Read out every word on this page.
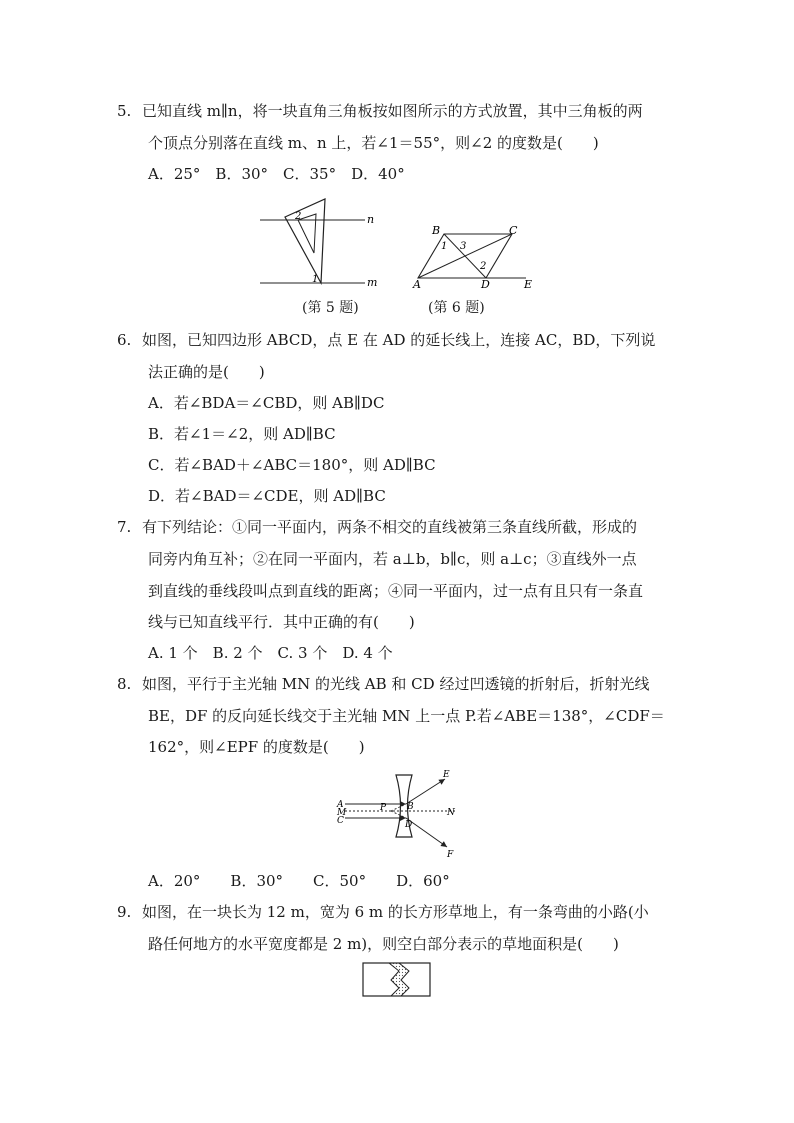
5. 已知直线 m∥n，将一块直角三角板按如图所示的方式放置，其中三角板的两
个顶点分别落在直线 m、n 上，若∠1＝55°，则∠2 的度数是(　　)
A．25°　B．30°　C．35°　D．40°
2
1
n
m
(第 5 题)
B	C
A	D	E
1 3
2
(第 6 题)
6. 如图，已知四边形 ABCD，点 E 在 AD 的延长线上，连接 AC，BD，下列说
法正确的是(　　)
A．若∠BDA＝∠CBD，则 AB∥DC
B．若∠1＝∠2，则 AD∥BC
C．若∠BAD＋∠ABC＝180°，则 AD∥BC
D．若∠BAD＝∠CDE，则 AD∥BC
7. 有下列结论：①同一平面内，两条不相交的直线被第三条直线所截，形成的
同旁内角互补；②在同一平面内，若 a⊥b，b∥c，则 a⊥c；③直线外一点
到直线的垂线段叫点到直线的距离；④同一平面内，过一点有且只有一条直
线与已知直线平行．其中正确的有(　　)
A. 1 个　B. 2 个　C. 3 个　D. 4 个
8. 如图，平行于主光轴 MN 的光线 AB 和 CD 经过凹透镜的折射后，折射光线
BE，DF 的反向延长线交于主光轴 MN 上一点 P.若∠ABE＝138°，∠CDF＝
162°，则∠EPF 的度数是(　　)
A
M
C
P B
D
N
E
F
A．20°　　B．30°　　C．50°　　D．60°
9. 如图，在一块长为 12 m，宽为 6 m 的长方形草地上，有一条弯曲的小路(小
路任何地方的水平宽度都是 2 m)，则空白部分表示的草地面积是(　　)
